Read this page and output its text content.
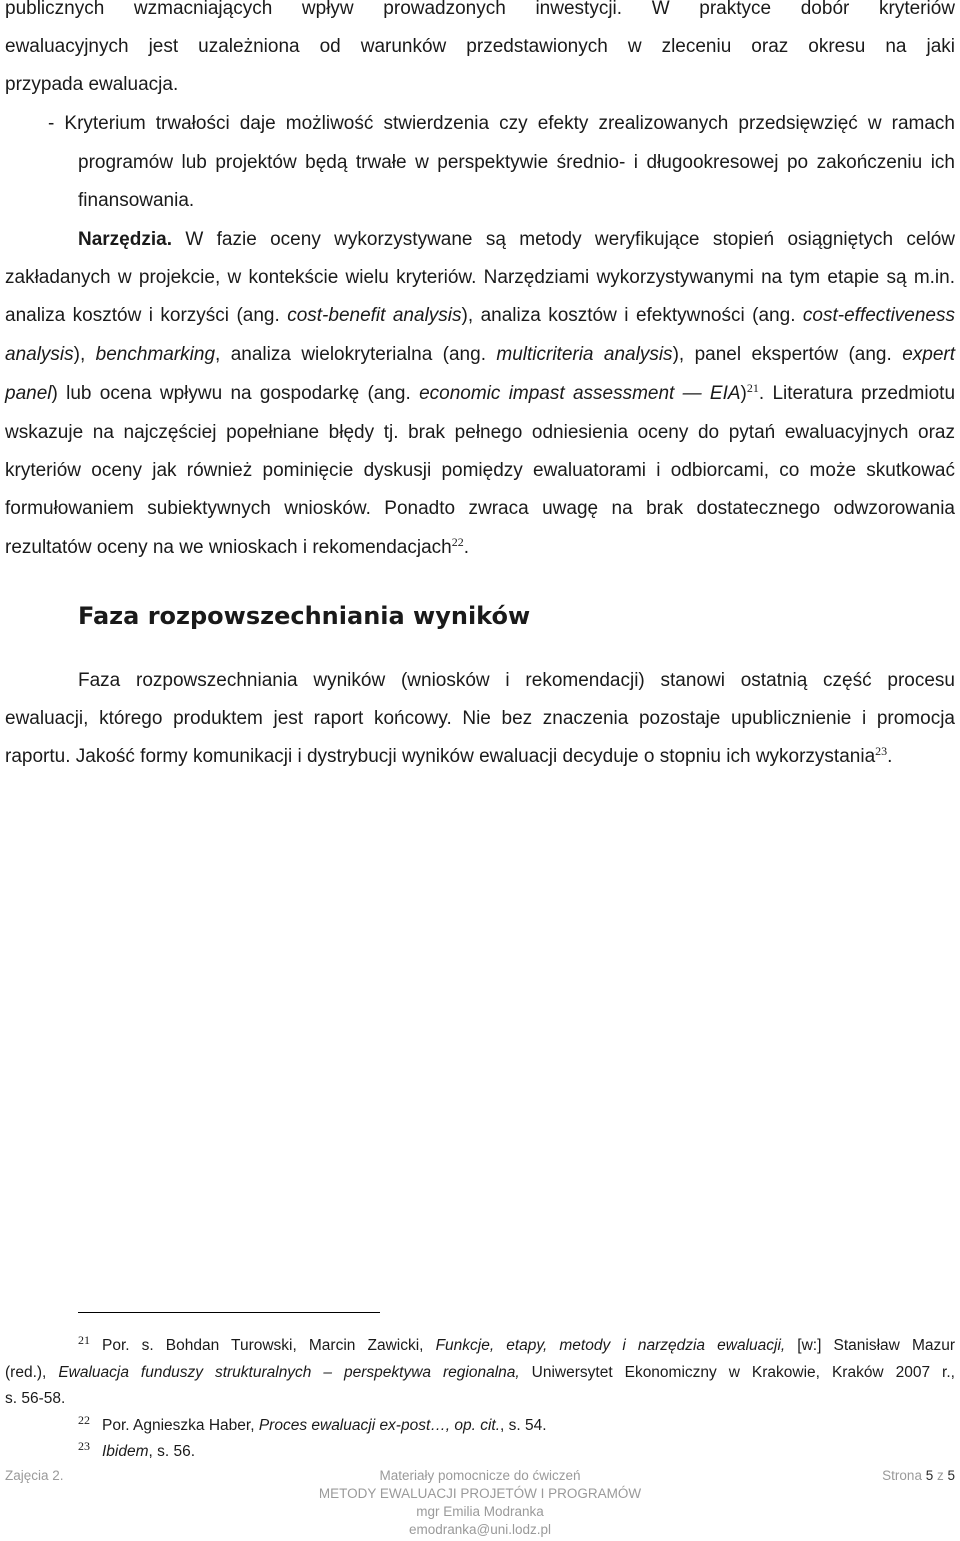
publicznych wzmacniających wpływ prowadzonych inwestycji. W praktyce dobór kryteriów
ewaluacyjnych jest uzależniona od warunków przedstawionych w zleceniu oraz okresu na jaki
przypada ewaluacja.
- Kryterium trwałości daje możliwość stwierdzenia czy efekty zrealizowanych przedsięwzięć w ramach
programów lub projektów będą trwałe w perspektywie średnio- i długookresowej po zakończeniu ich
finansowania.
Narzędzia. W fazie oceny wykorzystywane są metody weryfikujące stopień osiągniętych celów
zakładanych w projekcie, w kontekście wielu kryteriów. Narzędziami wykorzystywanymi na tym etapie są m.in.
analiza kosztów i korzyści (ang. cost-benefit analysis), analiza kosztów i efektywności (ang. cost-effectiveness
analysis), benchmarking, analiza wielokryterialna (ang. multicriteria analysis), panel ekspertów (ang. expert
panel) lub ocena wpływu na gospodarkę (ang. economic impast assessment — EIA)$^{21}$. Literatura przedmiotu
wskazuje na najczęściej popełniane błędy tj. brak pełnego odniesienia oceny do pytań ewaluacyjnych oraz
kryteriów oceny jak również pominięcie dyskusji pomiędzy ewaluatorami i odbiorcami, co może skutkować
formułowaniem subiektywnych wniosków. Ponadto zwraca uwagę na brak dostatecznego odwzorowania
rezultatów oceny na we wnioskach i rekomendacjach$^{22}$.
Faza rozpowszechniania wyników
Faza rozpowszechniania wyników (wniosków i rekomendacji) stanowi ostatnią część procesu
ewaluacji, którego produktem jest raport końcowy. Nie bez znaczenia pozostaje upublicznienie i promocja
raportu. Jakość formy komunikacji i dystrybucji wyników ewaluacji decyduje o stopniu ich wykorzystania$^{23}$.
$^{21}$ Por. s. Bohdan Turowski, Marcin Zawicki, Funkcje, etapy, metody i narzędzia ewaluacji, [w:] Stanisław Mazur
(red.), Ewaluacja funduszy strukturalnych – perspektywa regionalna, Uniwersytet Ekonomiczny w Krakowie, Kraków 2007 r.,
s. 56-58.
$^{22}$ Por. Agnieszka Haber, Proces ewaluacji ex-post…, op. cit., s. 54.
$^{23}$ Ibidem, s. 56.
Zajęcia 2.	Materiały pomocnicze do ćwiczeń
METODY EWALUACJI PROJETÓW I PROGRAMÓW
mgr Emilia Modranka
emodranka@uni.lodz.pl
Strona 5 z 5
